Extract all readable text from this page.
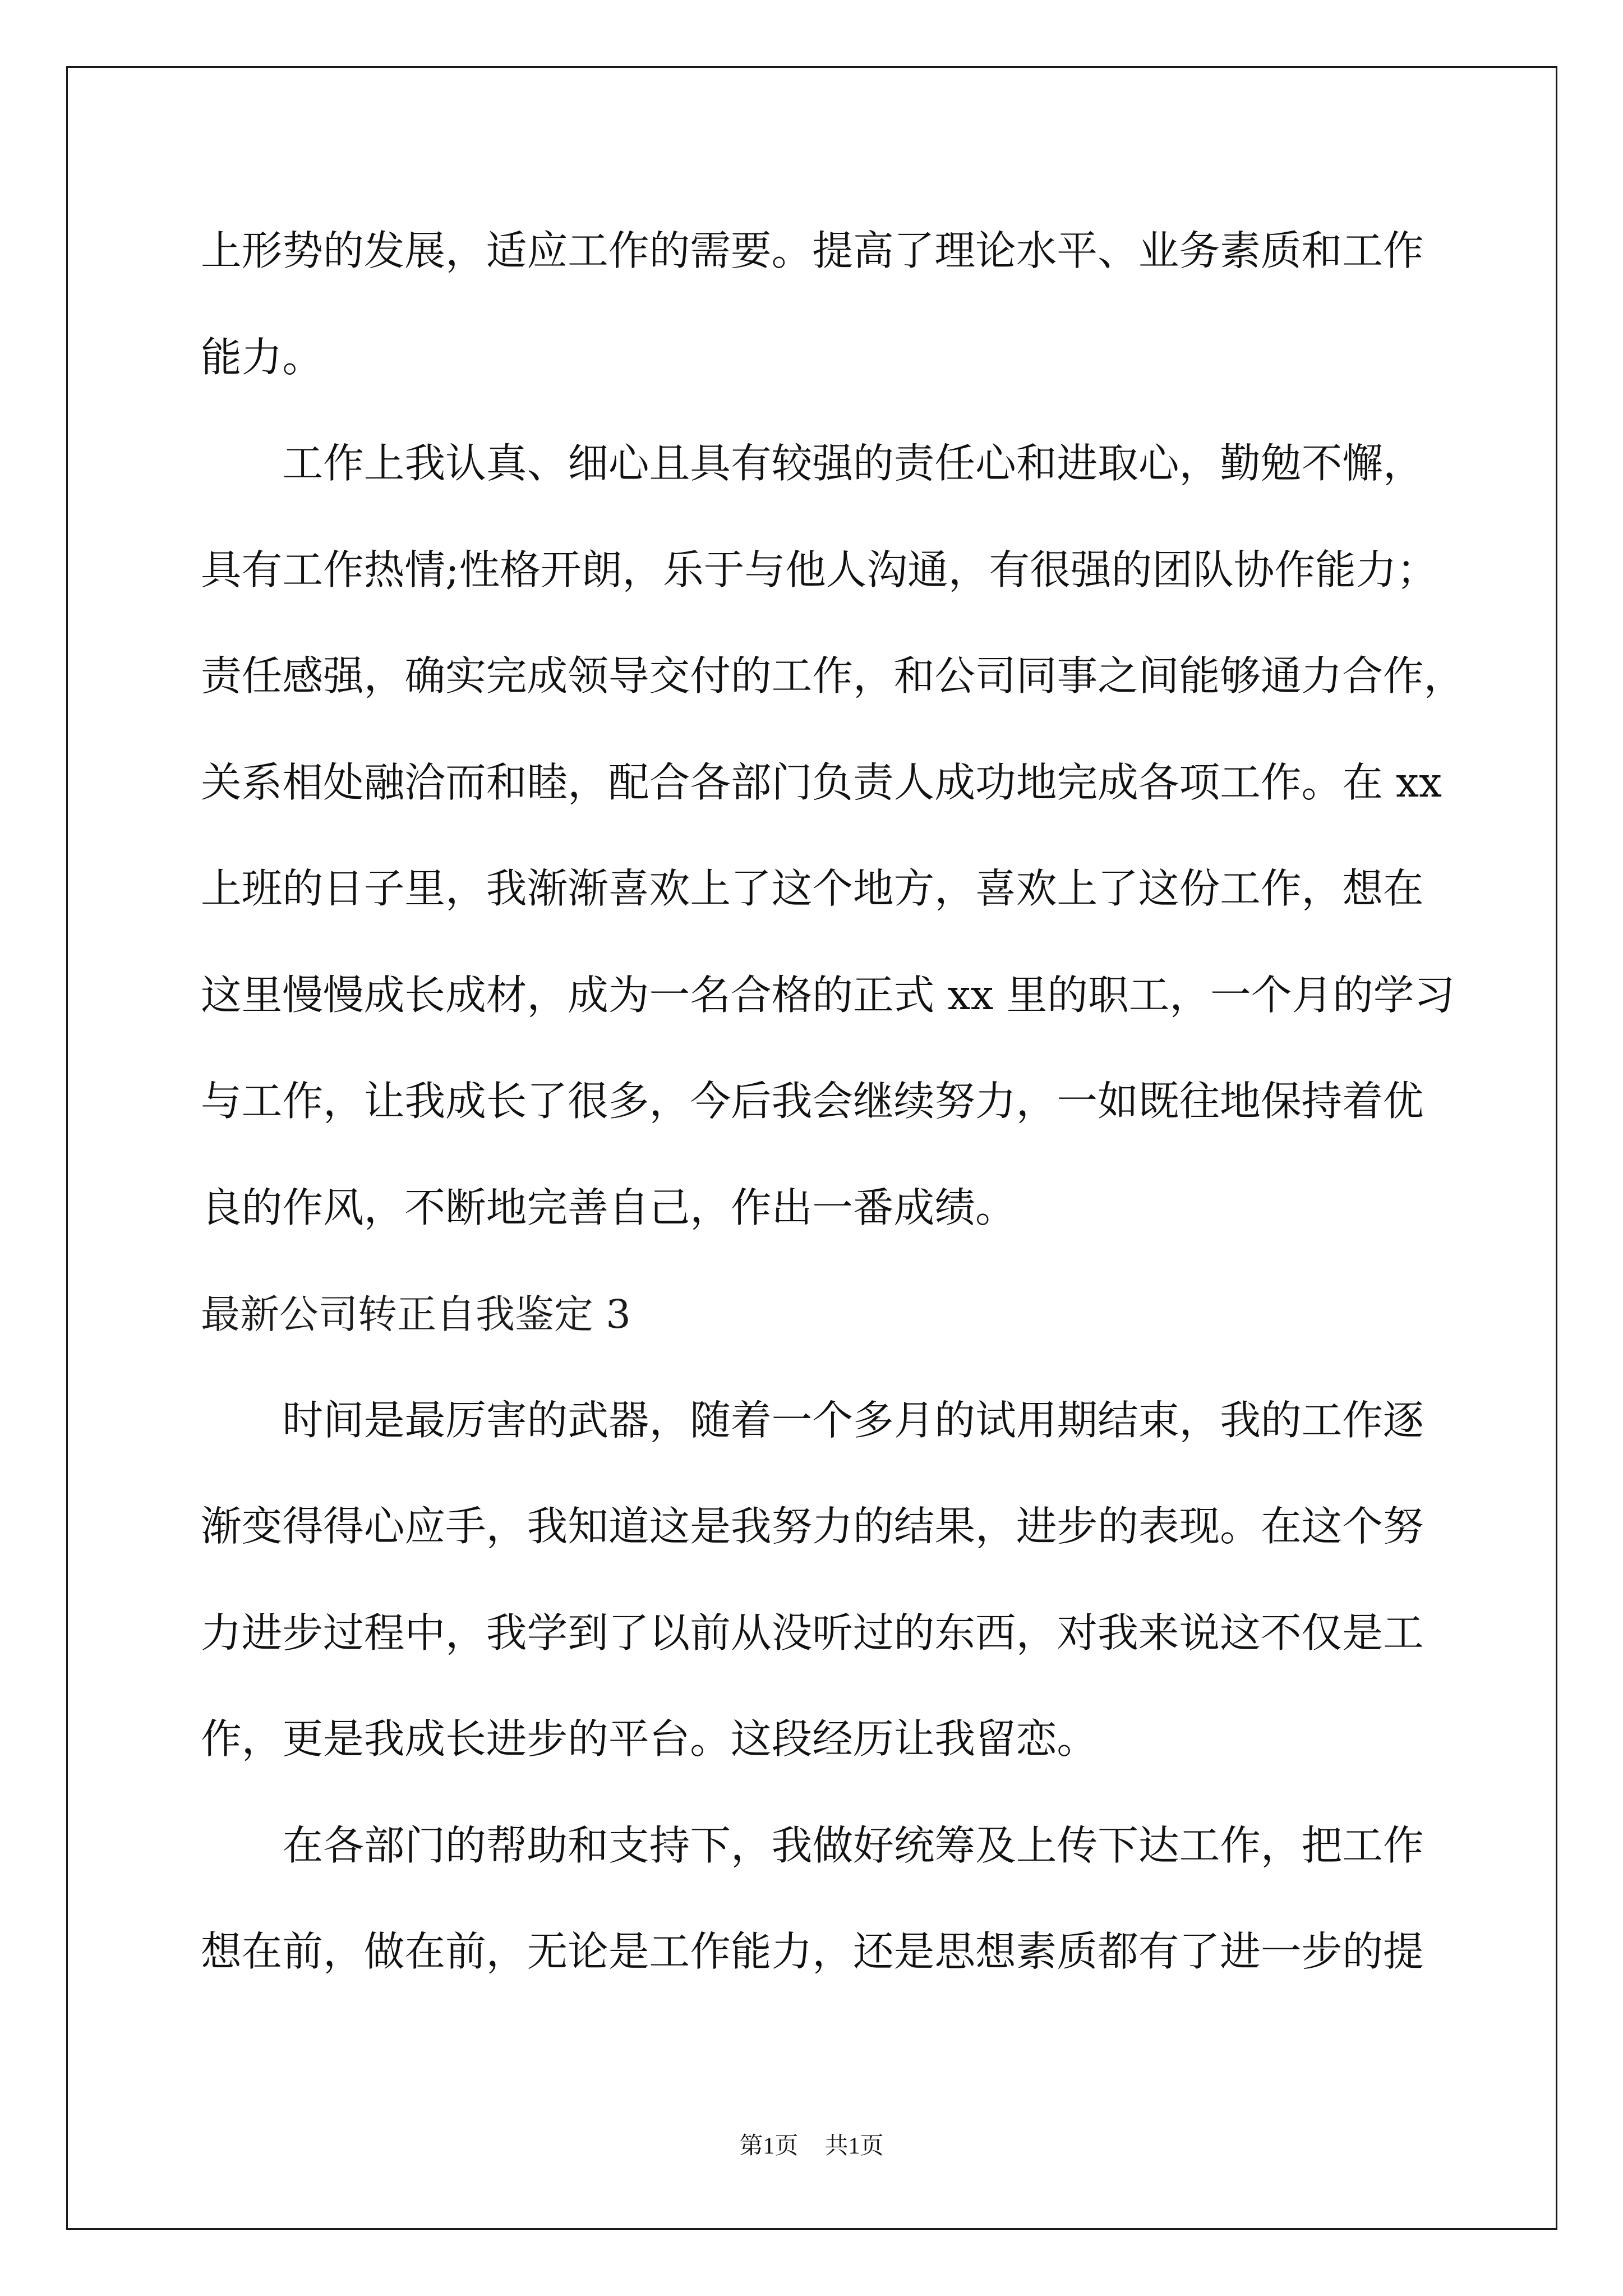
上形势的发展，适应工作的需要。提高了理论水平、业务素质和工作
能力。
工作上我认真、细心且具有较强的责任心和进取心，勤勉不懈，
具有工作热情;性格开朗，乐于与他人沟通，有很强的团队协作能力；
责任感强，确实完成领导交付的工作，和公司同事之间能够通力合作，
关系相处融洽而和睦，配合各部门负责人成功地完成各项工作。在 xx
上班的日子里，我渐渐喜欢上了这个地方，喜欢上了这份工作，想在
这里慢慢成长成材，成为一名合格的正式 xx 里的职工，一个月的学习
与工作，让我成长了很多，今后我会继续努力，一如既往地保持着优
良的作风，不断地完善自己，作出一番成绩。
最新公司转正自我鉴定 3
时间是最厉害的武器，随着一个多月的试用期结束，我的工作逐
渐变得得心应手，我知道这是我努力的结果，进步的表现。在这个努
力进步过程中，我学到了以前从没听过的东西，对我来说这不仅是工
作，更是我成长进步的平台。这段经历让我留恋。
在各部门的帮助和支持下，我做好统筹及上传下达工作，把工作
想在前，做在前，无论是工作能力，还是思想素质都有了进一步的提
第1页 共1页
